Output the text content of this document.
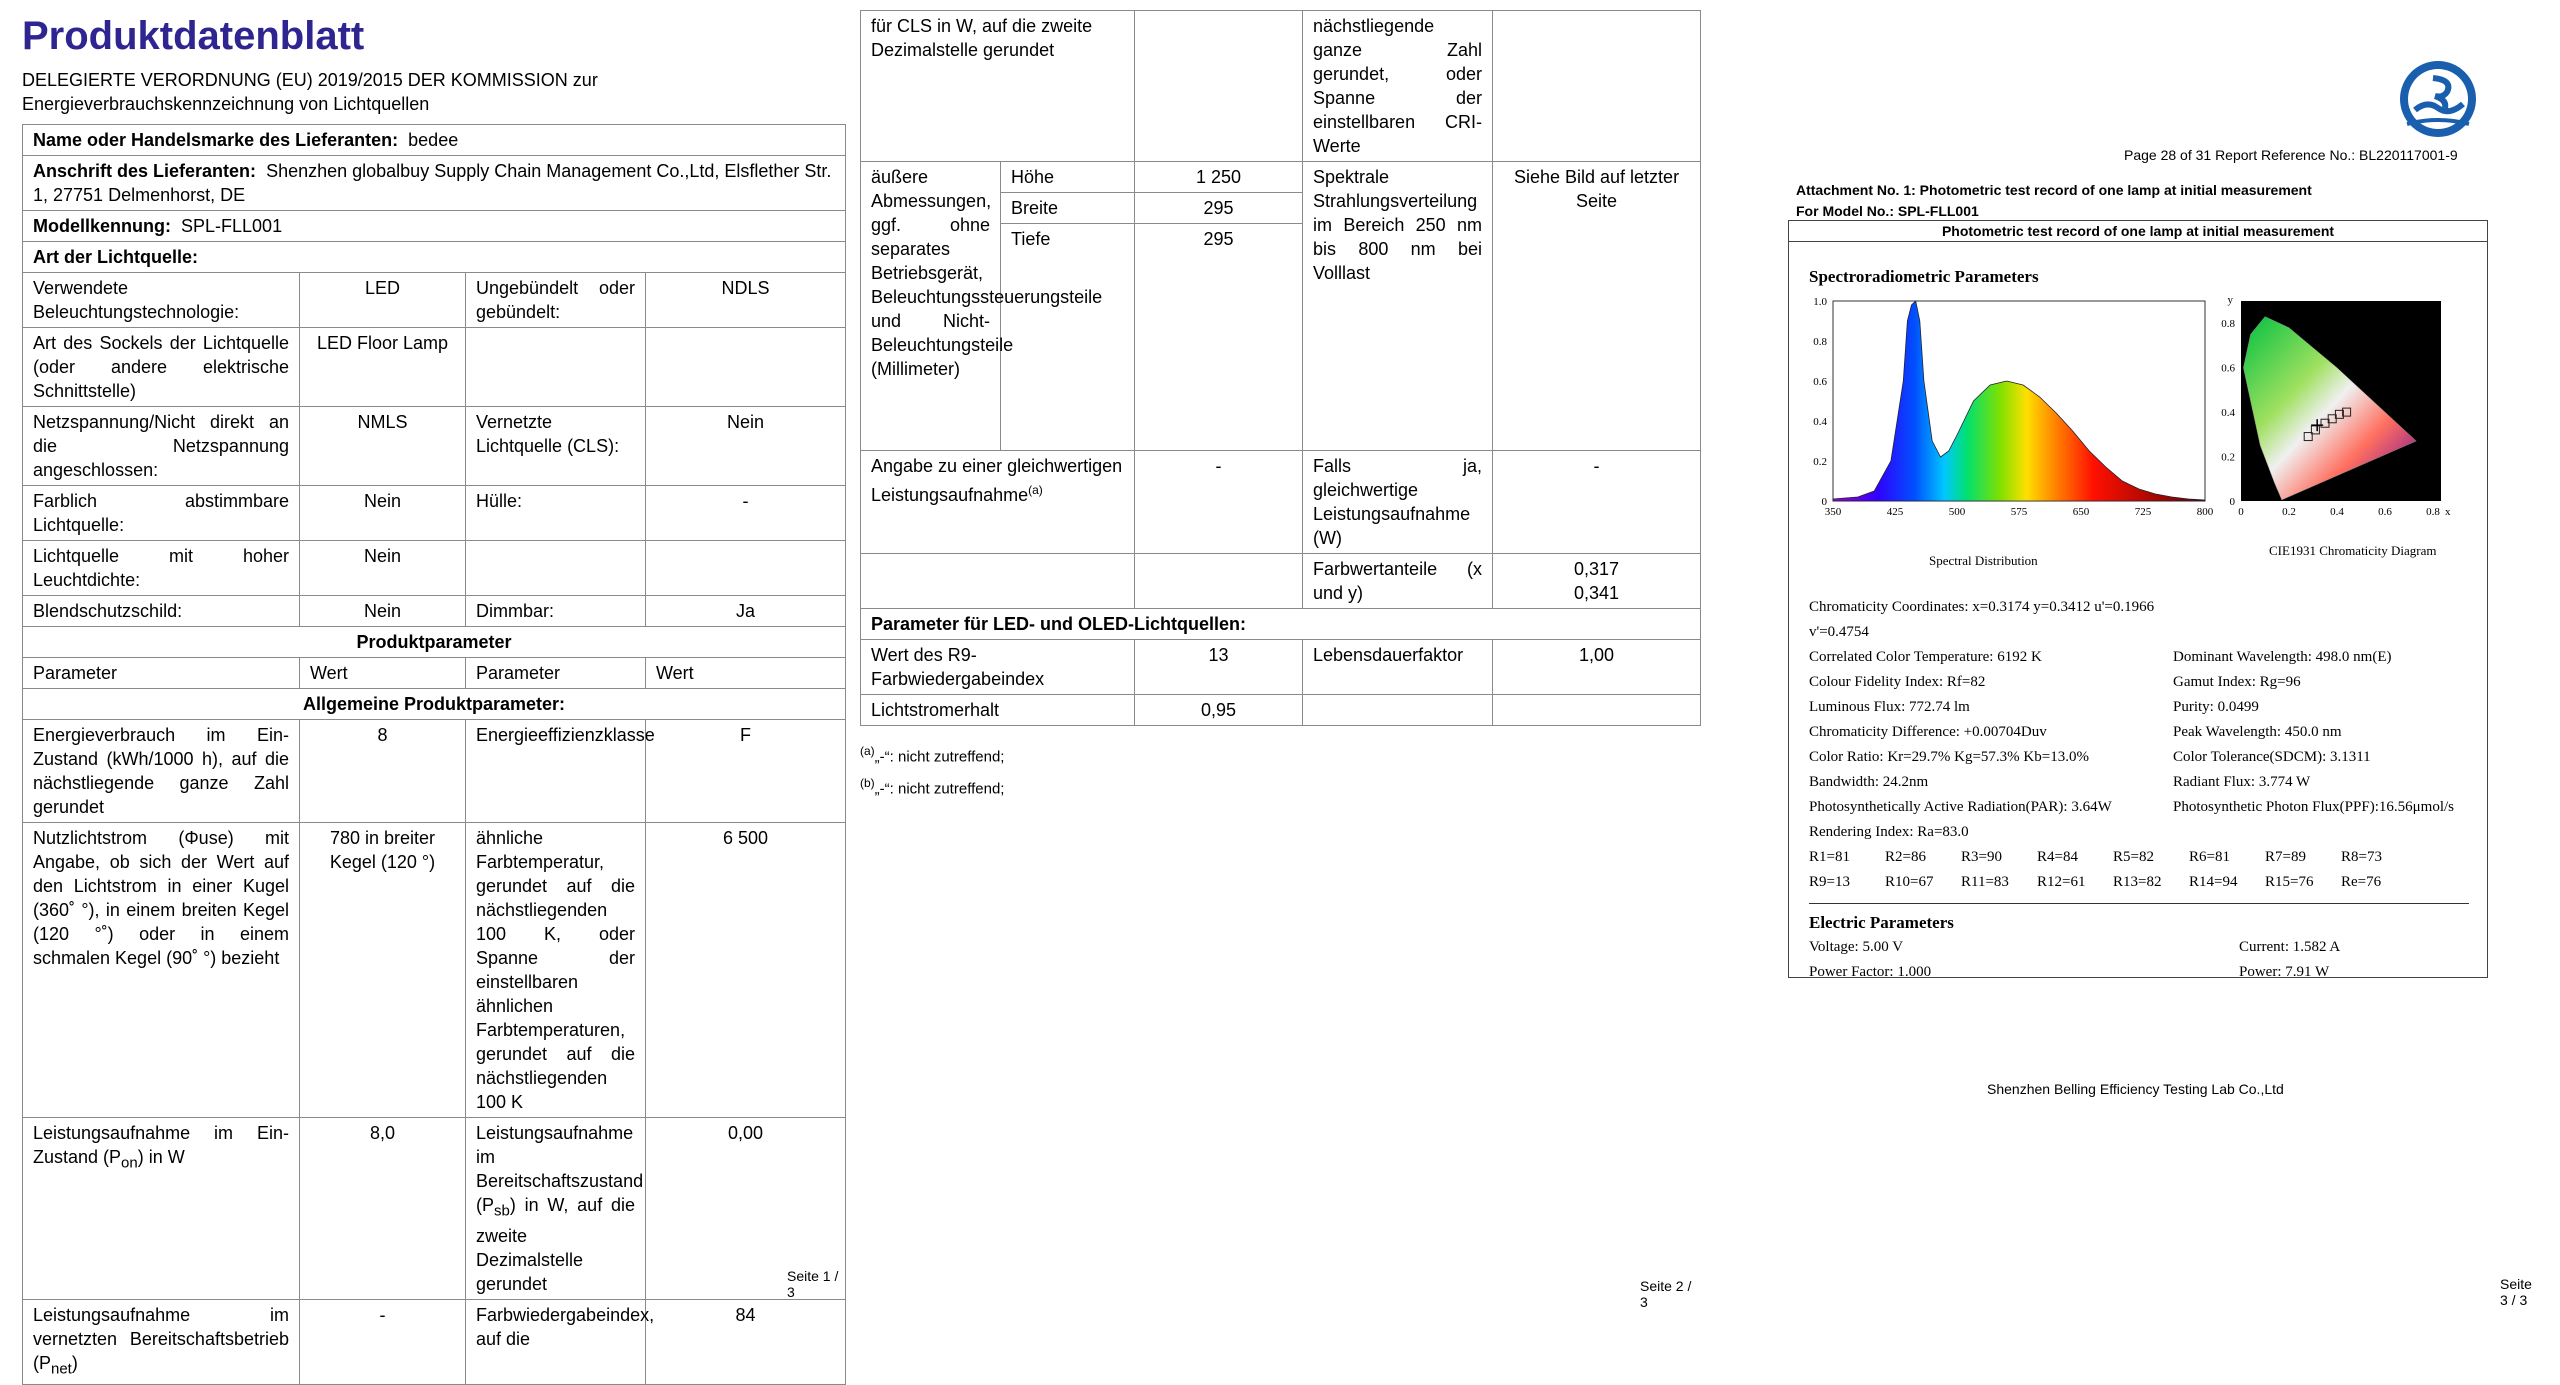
Produktdatenblatt
DELEGIERTE VERORDNUNG (EU) 2019/2015 DER KOMMISSION zur Energieverbrauchskennzeichnung von Lichtquellen
Name oder Handelsmarke des Lieferanten: bedee			
Anschrift des Lieferanten: Shenzhen globalbuy Supply Chain Management Co.,Ltd, Elsflether Str. 1, 27751 Delmenhorst, DE			
Modellkennung: SPL-FLL001			
Art der Lichtquelle:			
Verwendete Beleuchtungstechnologie:	LED	Ungebündelt oder gebündelt:	NDLS
Art des Sockels der Lichtquelle (oder andere elektrische Schnittstelle)	LED Floor Lamp		
Netzspannung/Nicht direkt an die Netzspannung angeschlossen:	NMLS	Vernetzte Lichtquelle (CLS):	Nein
Farblich abstimmbare Lichtquelle:	Nein	Hülle:	-
Lichtquelle mit hoher Leuchtdichte:	Nein		
Blendschutzschild:	Nein	Dimmbar:	Ja
Produktparameter			
Parameter	Wert	Parameter	Wert
Allgemeine Produktparameter:			
Energieverbrauch im Ein-Zustand (kWh/1000 h), auf die nächstliegende ganze Zahl gerundet	8	Energieeffizienzklasse	F
Nutzlichtstrom (Φuse) mit Angabe, ob sich der Wert auf den Lichtstrom in einer Kugel (360˚ °), in einem breiten Kegel (120 °˚) oder in einem schmalen Kegel (90˚ °) bezieht	780 in breiter Kegel (120 °)	ähnliche Farbtemperatur, gerundet auf die nächstliegenden 100 K, oder Spanne der einstellbaren ähnlichen Farbtemperaturen, gerundet auf die nächstliegenden 100 K	6 500
Leistungsaufnahme im Ein-Zustand $(P_{on})$ in W	8,0	Leistungsaufnahme im Bereitschaftszustand $(P_{sb})$ in W, auf die zweite Dezimalstelle gerundet	0,00
Leistungsaufnahme im vernetzten Bereitschaftsbetrieb $(P_{net})$	-	Farbwiedergabeindex, auf die	84
Seite 1 / 3
für CLS in W, auf die zweite Dezimalstelle gerundet			nächstliegende ganze Zahl gerundet, oder Spanne der einstellbaren CRI-Werte	
äußere Abmessungen, ggf. ohne separates Betriebsgerät, Beleuchtungssteuerungsteile und Nicht-Beleuchtungsteile (Millimeter)	Höhe	1 250	Spektrale Strahlungsverteilung im Bereich 250 nm bis 800 nm bei Volllast	Siehe Bild auf letzter Seite
	Breite	295		
	Tiefe	295		

Angabe zu einer gleichwertigen Leistungsaufnahme$^{(a)}$		-	Falls ja, gleichwertige Leistungsaufnahme (W)	-
			Farbwertanteile (x und y)	0,317
0,341

Parameter für LED- und OLED-Lichtquellen:				
Wert des R9-Farbwiedergabeindex		13	Lebensdauerfaktor	1,00
Lichtstromerhalt		0,95		
$^{(a)}$„-“: nicht zutreffend;
$^{(b)}$„-“: nicht zutreffend;
Seite 2 / 3
Page 28 of 31 Report Reference No.: BL220117001-9
Attachment No. 1: Photometric test record of one lamp at initial measurement
For Model No.: SPL-FLL001
Photometric test record of one lamp at initial measurement
Spectroradiometric Parameters
350	425	500	575	650	725	800
0
0.2
0.4
0.6
0.8
1.0
Spectral Distribution
0	0.2	0.4	0.6	0.8 x
0
0.2
0.4
0.6
0.8
y
CIE1931 Chromaticity Diagram
Chromaticity Coordinates: x=0.3174 y=0.3412 u'=0.1966 v'=0.4754
Correlated Color Temperature: 6192 K	Dominant Wavelength: 498.0 nm(E)
Colour Fidelity Index: Rf=82	Gamut Index: Rg=96
Luminous Flux: 772.74 lm	Purity: 0.0499
Chromaticity Difference: +0.00704Duv	Peak Wavelength: 450.0 nm
Color Ratio: Kr=29.7% Kg=57.3% Kb=13.0%	Color Tolerance(SDCM): 3.1311
Bandwidth: 24.2nm	Radiant Flux: 3.774 W
Photosynthetically Active Radiation(PAR): 3.64W	Photosynthetic Photon Flux(PPF):16.56μmol/s
Rendering Index: Ra=83.0
R1=81	R2=86	R3=90	R4=84	R5=82	R6=81	R7=89	R8=73
R9=13	R10=67	R11=83	R12=61	R13=82	R14=94	R15=76	Re=76
Electric Parameters
Voltage: 5.00 V	Current: 1.582 A
Power Factor: 1.000	Power: 7.91 W
Shenzhen Belling Efficiency Testing Lab Co.,Ltd
Seite 3 / 3
